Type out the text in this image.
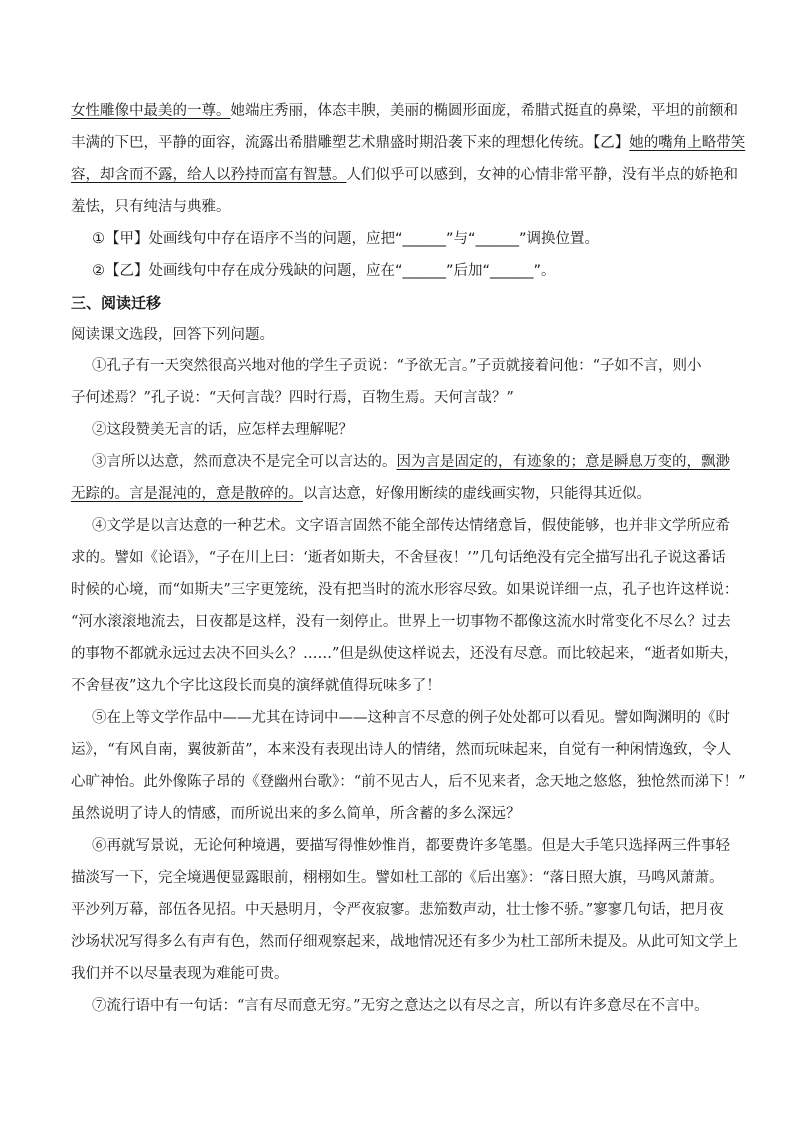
女性雕像中最美的一尊。她端庄秀丽，体态丰腴，美丽的椭圆形面庞，希腊式挺直的鼻梁，平坦的前额和
丰满的下巴，平静的面容，流露出希腊雕塑艺术鼎盛时期沿袭下来的理想化传统。【乙】她的嘴角上略带笑
容，却含而不露，给人以矜持而富有智慧。人们似乎可以感到，女神的心情非常平静，没有半点的娇艳和
羞怯，只有纯洁与典雅。
①【甲】处画线句中存在语序不当的问题，应把“______”与“______”调换位置。
②【乙】处画线句中存在成分残缺的问题，应在“______”后加“______”。
三、阅读迁移
阅读课文选段，回答下列问题。
①孔子有一天突然很高兴地对他的学生子贡说：“予欲无言。”子贡就接着问他：“子如不言，则小
子何述焉？”孔子说：“天何言哉？四时行焉，百物生焉。天何言哉？”
②这段赞美无言的话，应怎样去理解呢？
③言所以达意，然而意决不是完全可以言达的。因为言是固定的，有迹象的；意是瞬息万变的，飘渺
无踪的。言是混沌的，意是散碎的。以言达意，好像用断续的虚线画实物，只能得其近似。
④文学是以言达意的一种艺术。文字语言固然不能全部传达情绪意旨，假使能够，也并非文学所应希
求的。譬如《论语》，“子在川上曰：‘逝者如斯夫，不舍昼夜！’”几句话绝没有完全描写出孔子说这番话
时候的心境，而“如斯夫”三字更笼统，没有把当时的流水形容尽致。如果说详细一点，孔子也许这样说：
“河水滚滚地流去，日夜都是这样，没有一刻停止。世界上一切事物不都像这流水时常变化不尽么？过去
的事物不都就永远过去决不回头么？……”但是纵使这样说去，还没有尽意。而比较起来，“逝者如斯夫，
不舍昼夜”这九个字比这段长而臭的演绎就值得玩味多了！
⑤在上等文学作品中——尤其在诗词中——这种言不尽意的例子处处都可以看见。譬如陶渊明的《时
运》，“有风自南，翼彼新苗”，本来没有表现出诗人的情绪，然而玩味起来，自觉有一种闲情逸致，令人
心旷神怡。此外像陈子昂的《登幽州台歌》：“前不见古人，后不见来者，念天地之悠悠，独怆然而涕下！”
虽然说明了诗人的情感，而所说出来的多么简单，所含蓄的多么深远？
⑥再就写景说，无论何种境遇，要描写得惟妙惟肖，都要费许多笔墨。但是大手笔只选择两三件事轻
描淡写一下，完全境遇便显露眼前，栩栩如生。譬如杜工部的《后出塞》：“落日照大旗，马鸣风萧萧。
平沙列万幕，部伍各见招。中天悬明月，令严夜寂寥。悲笳数声动，壮士惨不骄。”寥寥几句话，把月夜
沙场状况写得多么有声有色，然而仔细观察起来，战地情况还有多少为杜工部所未提及。从此可知文学上
我们并不以尽量表现为难能可贵。
⑦流行语中有一句话：“言有尽而意无穷。”无穷之意达之以有尽之言，所以有许多意尽在不言中。
